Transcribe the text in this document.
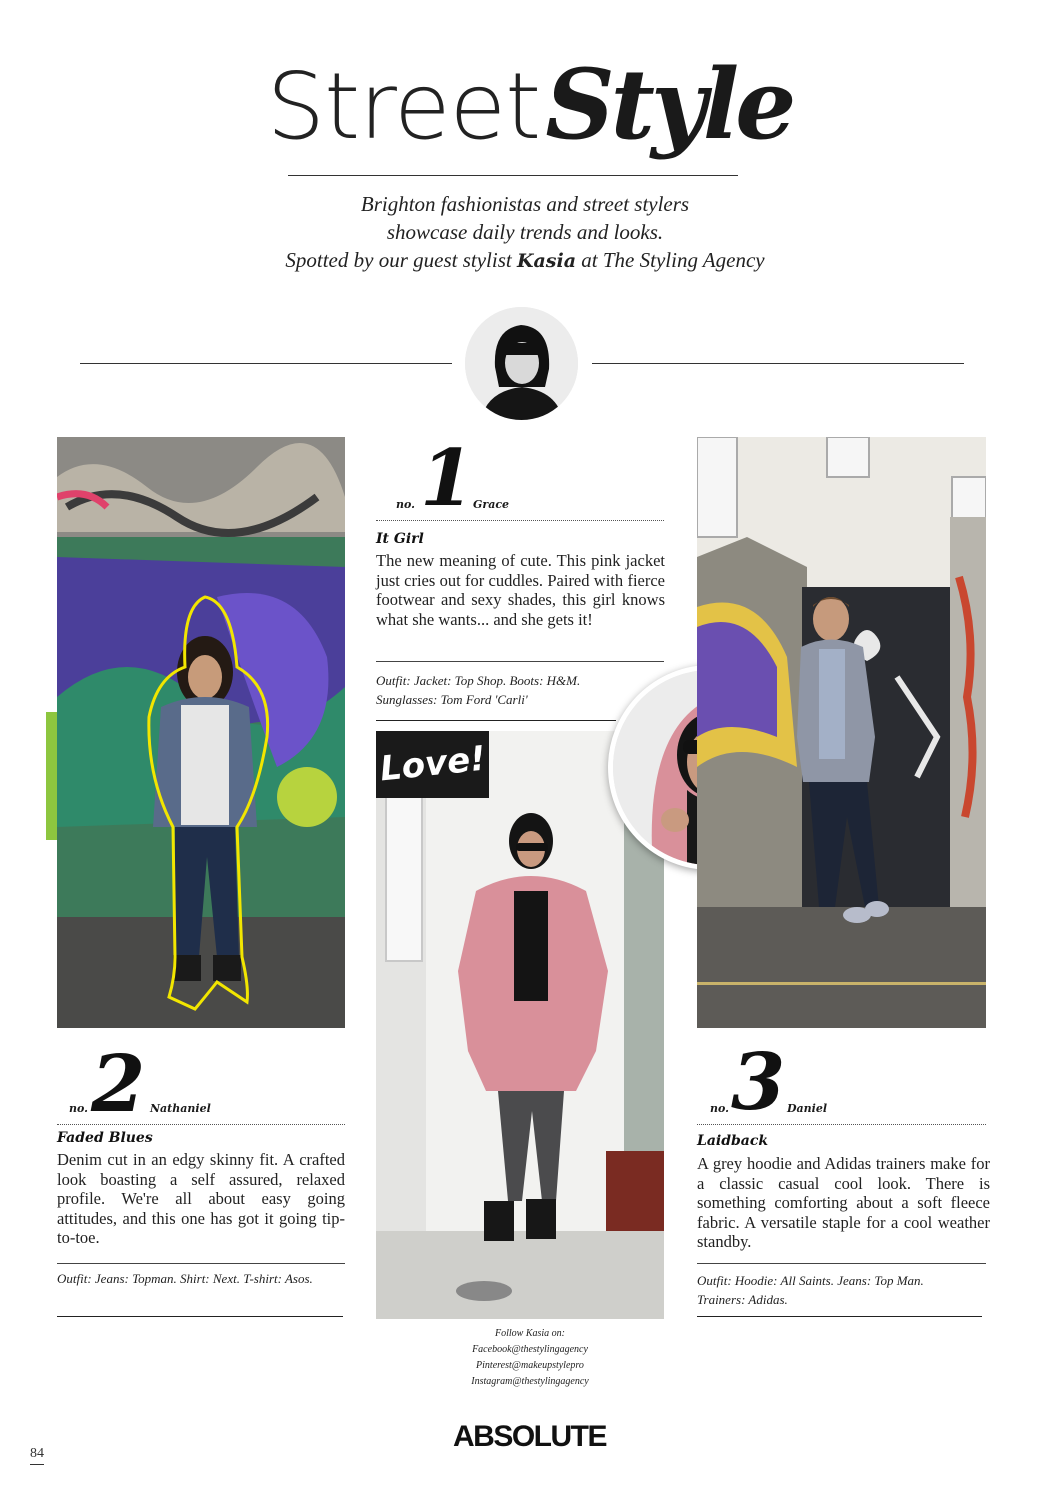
Street Style
Brighton fashionistas and street stylers
showcase daily trends and looks.
Spotted by our guest stylist Kasia at The Styling Agency
no. 2 Nathaniel
Faded Blues
Denim cut in an edgy skinny fit. A crafted look boasting a self assured, relaxed profile. We're all about easy going attitudes, and this one has got it going tip-to-toe.
Outfit: Jeans: Topman. Shirt: Next. T-shirt: Asos.
no. 1 Grace
It Girl
The new meaning of cute. This pink jacket just cries out for cuddles. Paired with fierce footwear and sexy shades, this girl knows what she wants... and she gets it!
Outfit: Jacket: Top Shop. Boots: H&M.
Sunglasses: Tom Ford 'Carli'
Love!
Follow Kasia on:
Facebook@thestylingagency
Pinterest@makeupstylepro
Instagram@thestylingagency
no. 3 Daniel
Laidback
A grey hoodie and Adidas trainers make for a classic casual cool look. There is something comforting about a soft fleece fabric. A versatile staple for a cool weather standby.
Outfit: Hoodie: All Saints. Jeans: Top Man.
Trainers: Adidas.
ABSOLUTE
84
